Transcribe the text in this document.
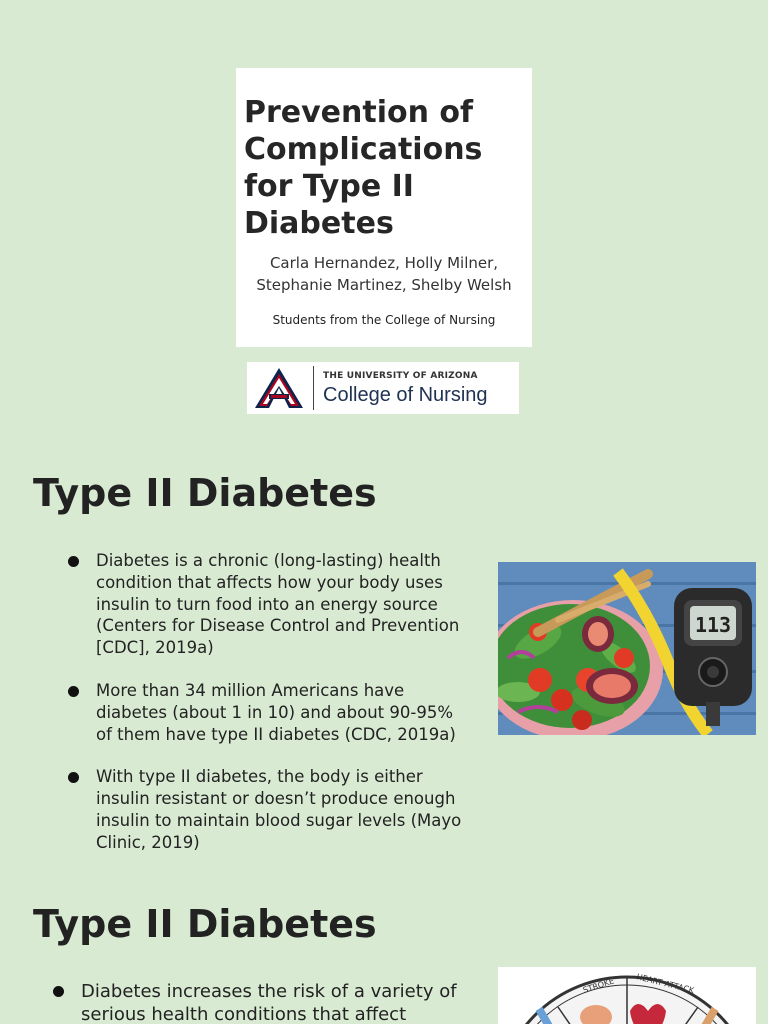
Prevention of Complications for Type II Diabetes
Carla Hernandez, Holly Milner,
Stephanie Martinez, Shelby Welsh
Students from the College of Nursing
THE UNIVERSITY OF ARIZONA
College of Nursing
Type II Diabetes
Diabetes is a chronic (long-lasting) health condition that affects how your body uses insulin to turn food into an energy source (Centers for Disease Control and Prevention [CDC], 2019a)
More than 34 million Americans have diabetes (about 1 in 10) and about 90-95% of them have type II diabetes (CDC, 2019a)
With type II diabetes, the body is either insulin resistant or doesn’t produce enough insulin to maintain blood sugar levels (Mayo Clinic, 2019)
113
Type II Diabetes
Diabetes increases the risk of a variety of serious health conditions that affect
STROKE	HEART ATTACK
